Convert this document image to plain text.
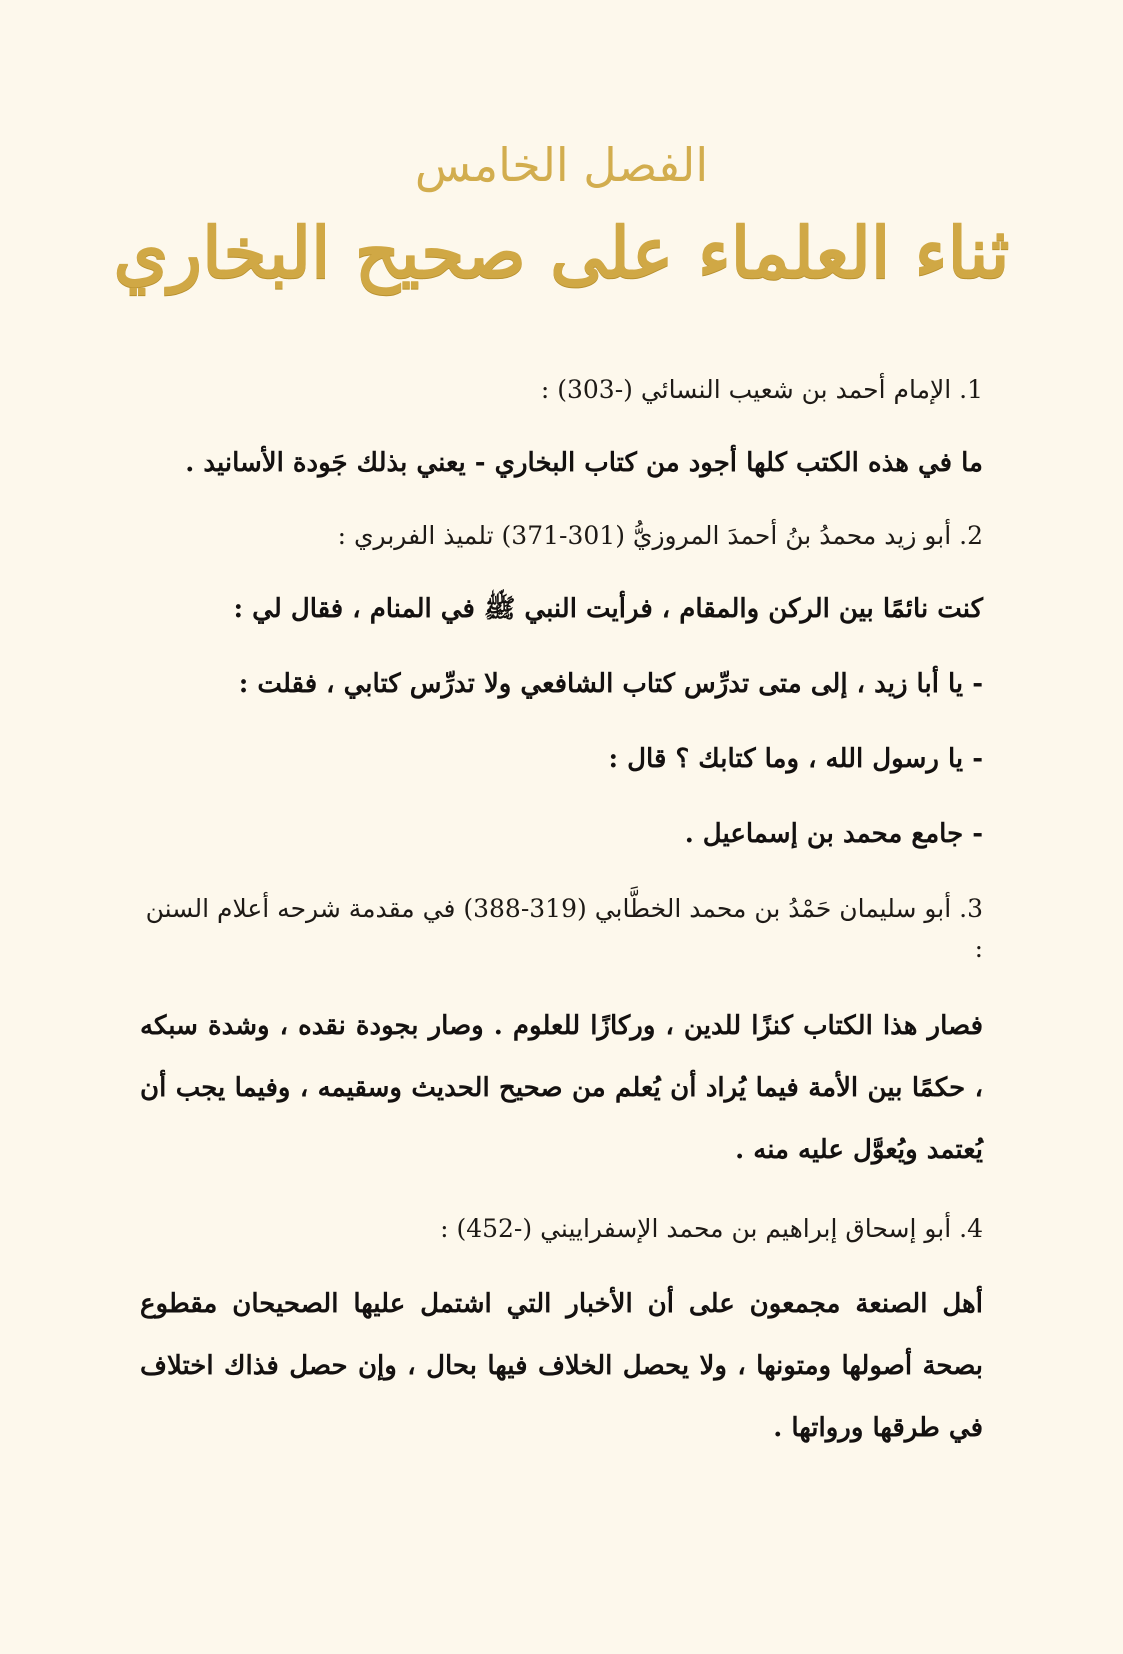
الفصل الخامس
ثناء العلماء على صحيح البخاري

1. الإمام أحمد بن شعيب النسائي (-303) :

ما في هذه الكتب كلها أجود من كتاب البخاري - يعني بذلك جَودة الأسانيد .

2. أبو زيد محمدُ بنُ أحمدَ المروزيُّ (301-371) تلميذ الفربري :

كنت نائمًا بين الركن والمقام ، فرأيت النبي ﷺ في المنام ، فقال لي :

- يا أبا زيد ، إلى متى تدرِّس كتاب الشافعي ولا تدرِّس كتابي ، فقلت :

- يا رسول الله ، وما كتابك ؟ قال :

- جامع محمد بن إسماعيل .

3. أبو سليمان حَمْدُ بن محمد الخطَّابي (319-388) في مقدمة شرحه أعلام السنن :

فصار هذا الكتاب كنزًا للدين ، وركازًا للعلوم . وصار بجودة نقده ، وشدة سبكه ، حكمًا بين الأمة فيما يُراد أن يُعلم من صحيح الحديث وسقيمه ، وفيما يجب أن يُعتمد ويُعوَّل عليه منه .

4. أبو إسحاق إبراهيم بن محمد الإسفراييني (-452) :

أهل الصنعة مجمعون على أن الأخبار التي اشتمل عليها الصحيحان مقطوع بصحة أصولها ومتونها ، ولا يحصل الخلاف فيها بحال ، وإن حصل فذاك اختلاف في طرقها ورواتها .
